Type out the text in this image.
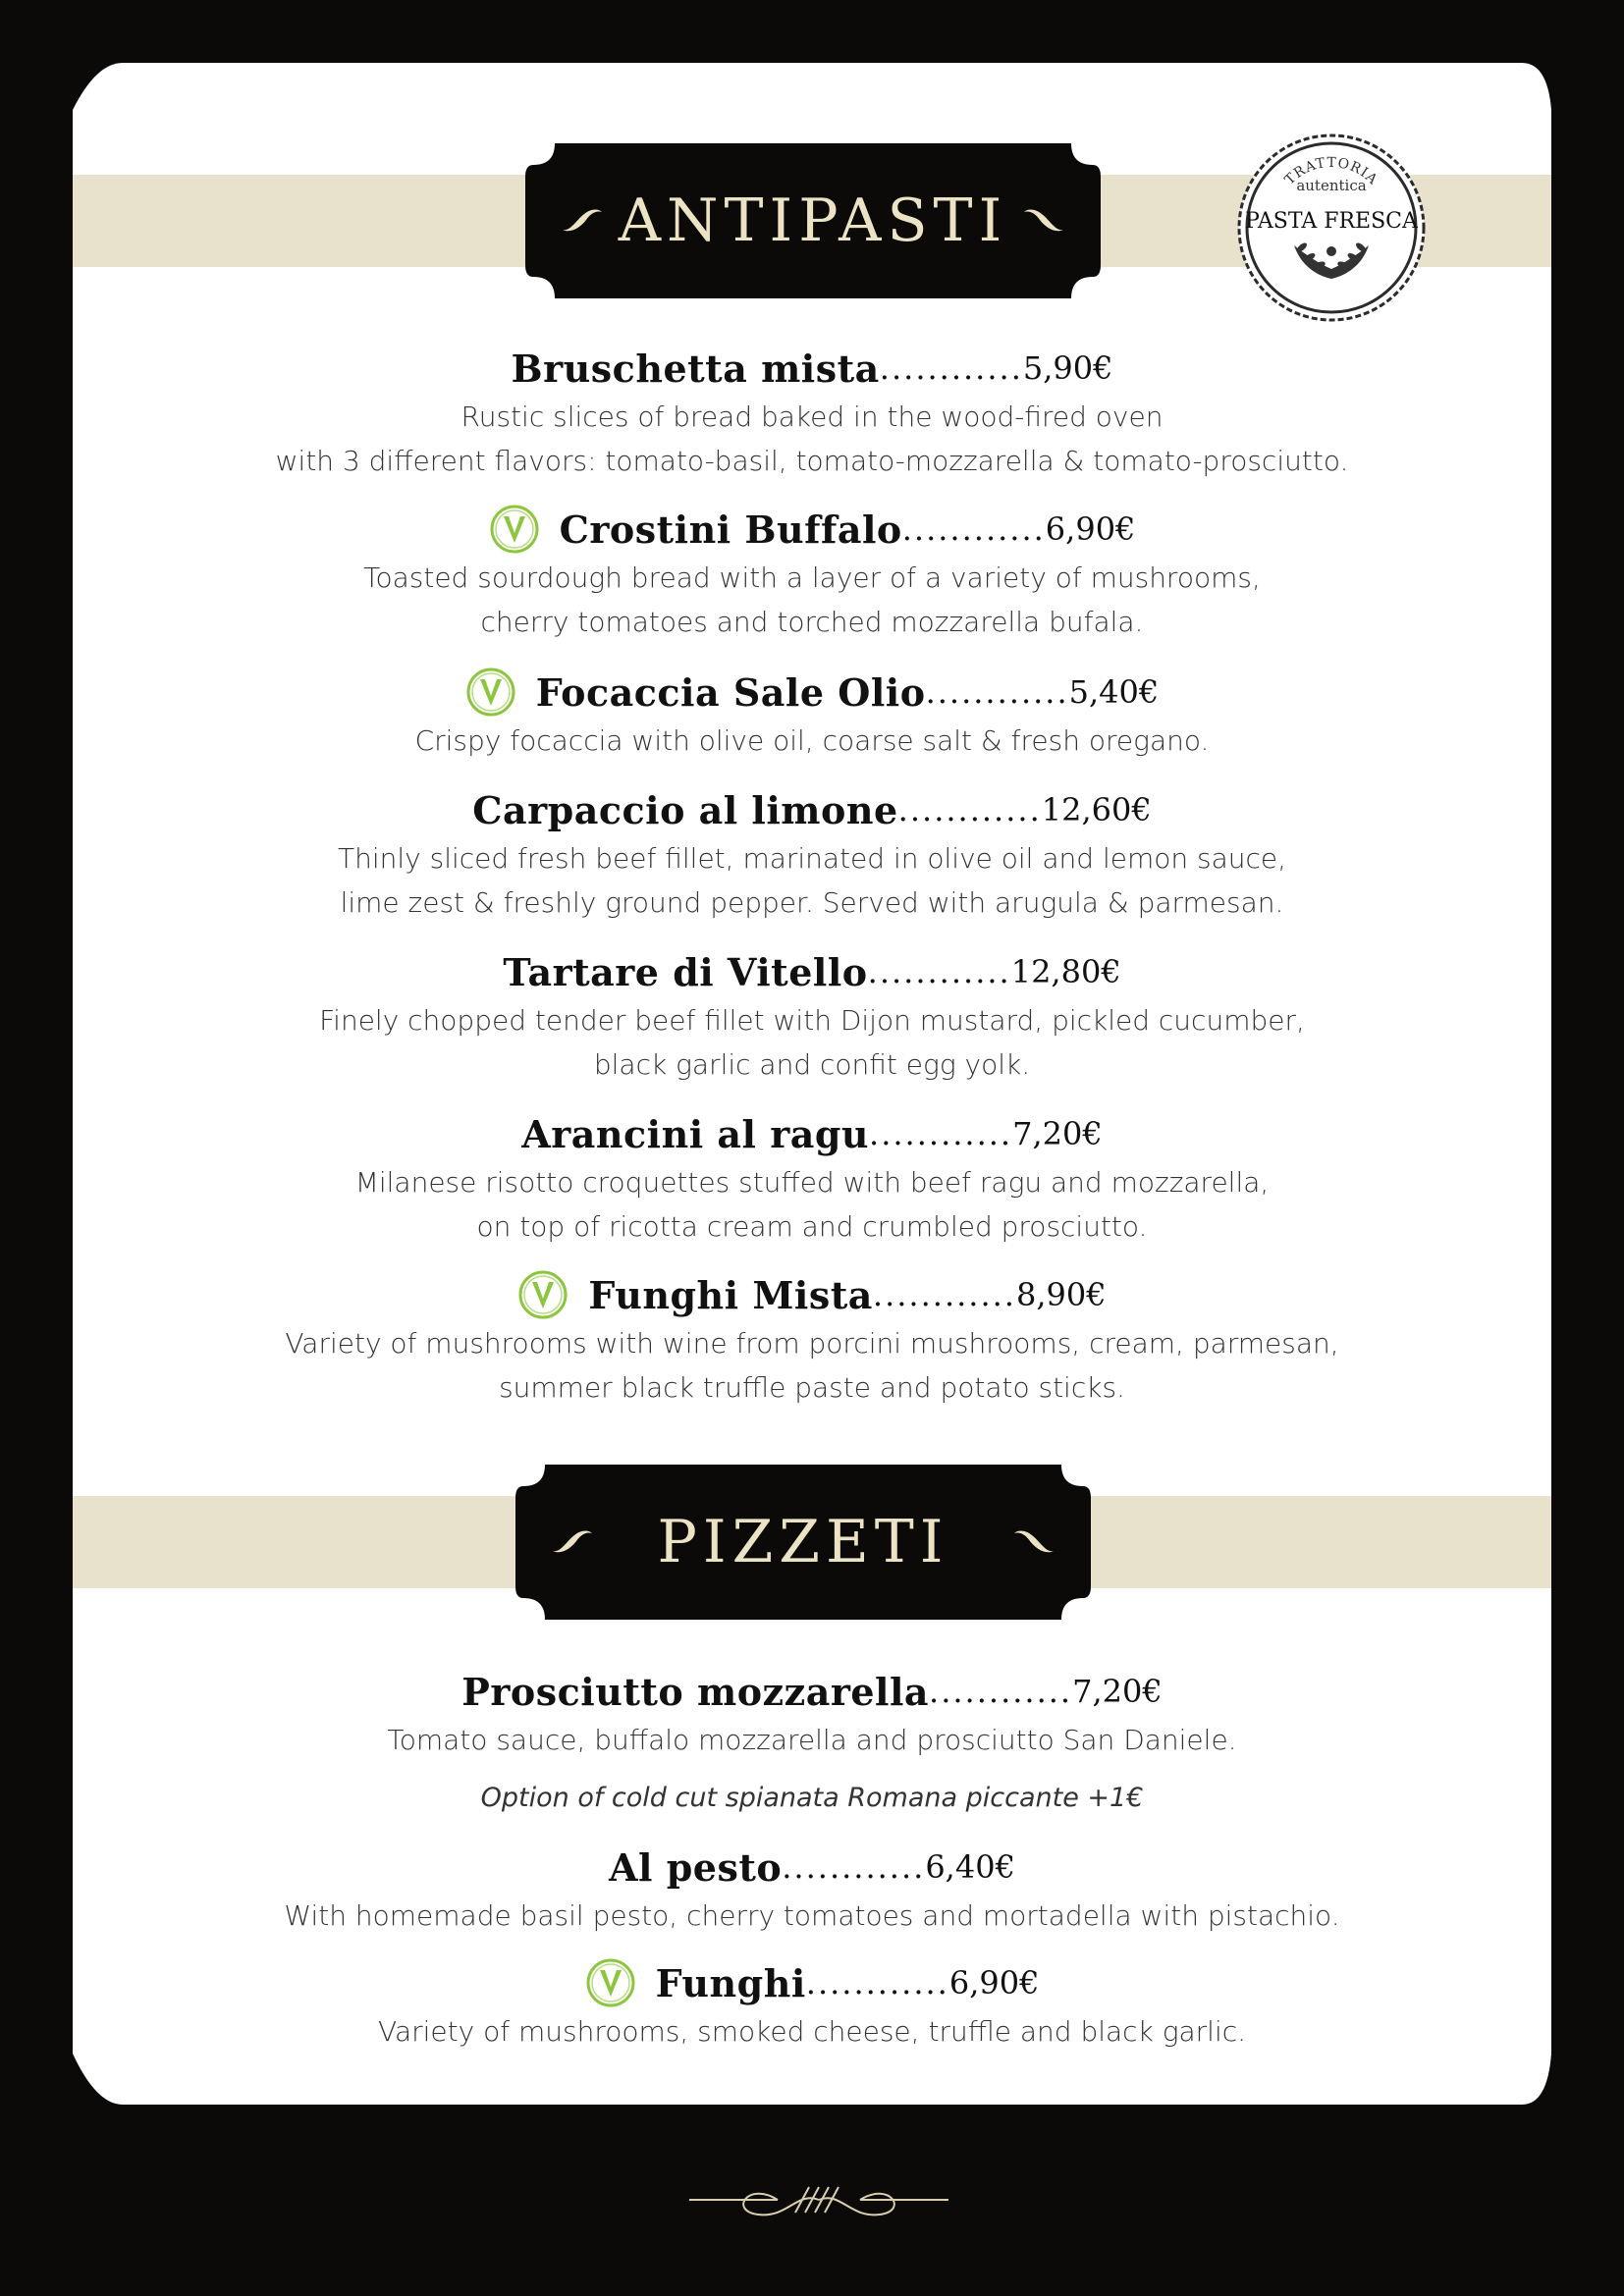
ANTIPASTI
TRATTORIA
autentica
PASTA FRESCA
Bruschetta mista ............ 5,90€
Rustic slices of bread baked in the wood-fired oven
with 3 different flavors: tomato-basil, tomato-mozzarella & tomato-prosciutto.
Crostini Buffalo ............ 6,90€
Toasted sourdough bread with a layer of a variety of mushrooms,
cherry tomatoes and torched mozzarella bufala.
Focaccia Sale Olio ............ 5,40€
Crispy focaccia with olive oil, coarse salt & fresh oregano.
Carpaccio al limone ............ 12,60€
Thinly sliced fresh beef fillet, marinated in olive oil and lemon sauce,
lime zest & freshly ground pepper. Served with arugula & parmesan.
Tartare di Vitello ............ 12,80€
Finely chopped tender beef fillet with Dijon mustard, pickled cucumber,
black garlic and confit egg yolk.
Arancini al ragu ............ 7,20€
Milanese risotto croquettes stuffed with beef ragu and mozzarella,
on top of ricotta cream and crumbled prosciutto.
Funghi Mista ............ 8,90€
Variety of mushrooms with wine from porcini mushrooms, cream, parmesan,
summer black truffle paste and potato sticks.
PIZZETI
Prosciutto mozzarella ............ 7,20€
Tomato sauce, buffalo mozzarella and prosciutto San Daniele.
Option of cold cut spianata Romana piccante +1€
Al pesto ............ 6,40€
With homemade basil pesto, cherry tomatoes and mortadella with pistachio.
Funghi ............ 6,90€
Variety of mushrooms, smoked cheese, truffle and black garlic.
